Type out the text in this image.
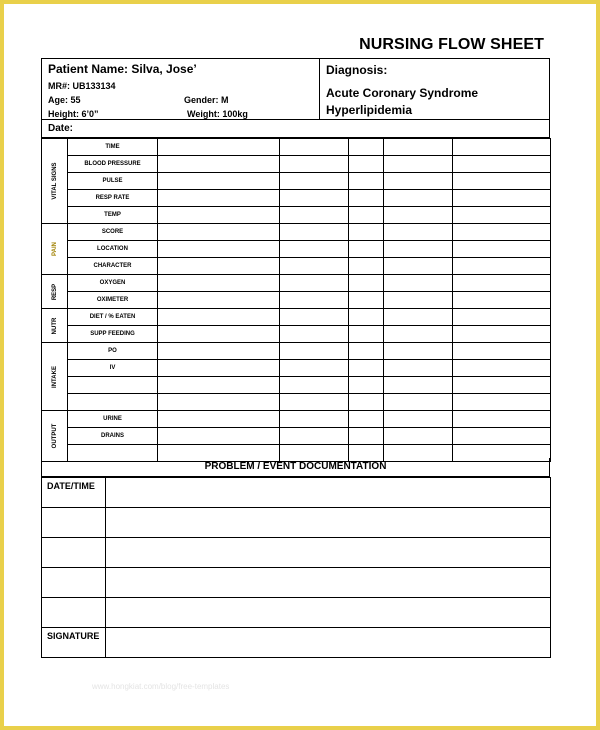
NURSING FLOW SHEET
Patient Name: Silva, Jose’
MR#: UB133134
Age: 55	Gender: M
Height: 6’0”	Weight: 100kg
Diagnosis:
Acute Coronary Syndrome
Hyperlipidemia
Date:
VITAL SIGNS	TIME					
	BLOOD PRESSURE					
	PULSE					
	RESP RATE					
	TEMP					

PAIN	SCORE					
	LOCATION					
	CHARACTER					

RESP	OXYGEN					
	OXIMETER					

NUTR	DIET / % EATEN					
	SUPP FEEDING					

INTAKE	PO					
	IV					

OUTPUT	URINE					
	DRAINS					

PROBLEM / EVENT DOCUMENTATION
DATE/TIME	

SIGNATURE	
www.hongkiat.com/blog/free-templates
